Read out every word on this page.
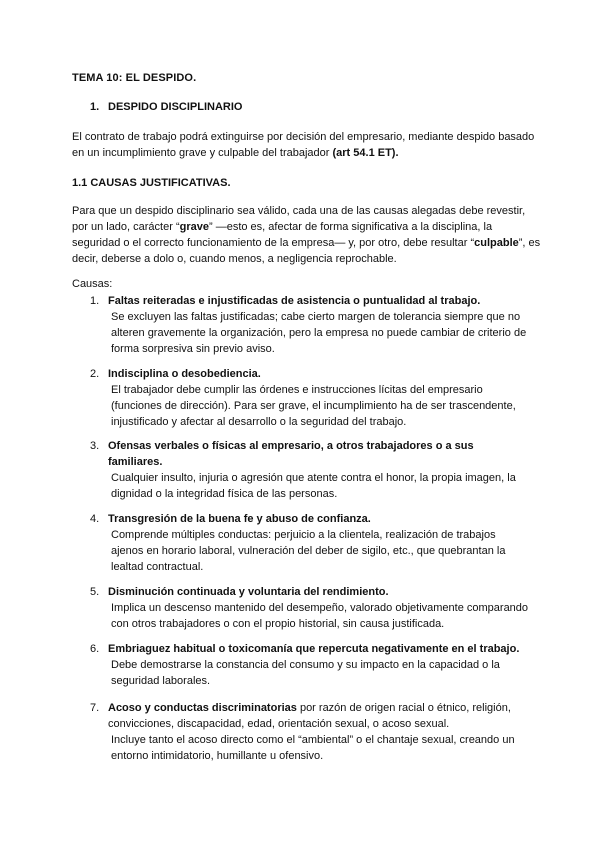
TEMA 10: EL DESPIDO.
1. DESPIDO DISCIPLINARIO
El contrato de trabajo podrá extinguirse por decisión del empresario, mediante despido basado en un incumplimiento grave y culpable del trabajador (art 54.1 ET).
1.1 CAUSAS JUSTIFICATIVAS.
Para que un despido disciplinario sea válido, cada una de las causas alegadas debe revestir, por un lado, carácter “grave” —esto es, afectar de forma significativa a la disciplina, la seguridad o el correcto funcionamiento de la empresa— y, por otro, debe resultar “culpable”, es decir, deberse a dolo o, cuando menos, a negligencia reprochable.
Causas:
1. Faltas reiteradas e injustificadas de asistencia o puntualidad al trabajo.
Se excluyen las faltas justificadas; cabe cierto margen de tolerancia siempre que no alteren gravemente la organización, pero la empresa no puede cambiar de criterio de forma sorpresiva sin previo aviso.
2. Indisciplina o desobediencia.
El trabajador debe cumplir las órdenes e instrucciones lícitas del empresario (funciones de dirección). Para ser grave, el incumplimiento ha de ser trascendente, injustificado y afectar al desarrollo o la seguridad del trabajo.
3. Ofensas verbales o físicas al empresario, a otros trabajadores o a sus familiares.
Cualquier insulto, injuria o agresión que atente contra el honor, la propia imagen, la dignidad o la integridad física de las personas.
4. Transgresión de la buena fe y abuso de confianza.
Comprende múltiples conductas: perjuicio a la clientela, realización de trabajos ajenos en horario laboral, vulneración del deber de sigilo, etc., que quebrantan la lealtad contractual.
5. Disminución continuada y voluntaria del rendimiento.
Implica un descenso mantenido del desempeño, valorado objetivamente comparando con otros trabajadores o con el propio historial, sin causa justificada.
6. Embriaguez habitual o toxicomanía que repercuta negativamente en el trabajo.
Debe demostrarse la constancia del consumo y su impacto en la capacidad o la seguridad laborales.
7. Acoso y conductas discriminatorias por razón de origen racial o étnico, religión, convicciones, discapacidad, edad, orientación sexual, o acoso sexual.
Incluye tanto el acoso directo como el “ambiental” o el chantaje sexual, creando un entorno intimidatorio, humillante u ofensivo.
